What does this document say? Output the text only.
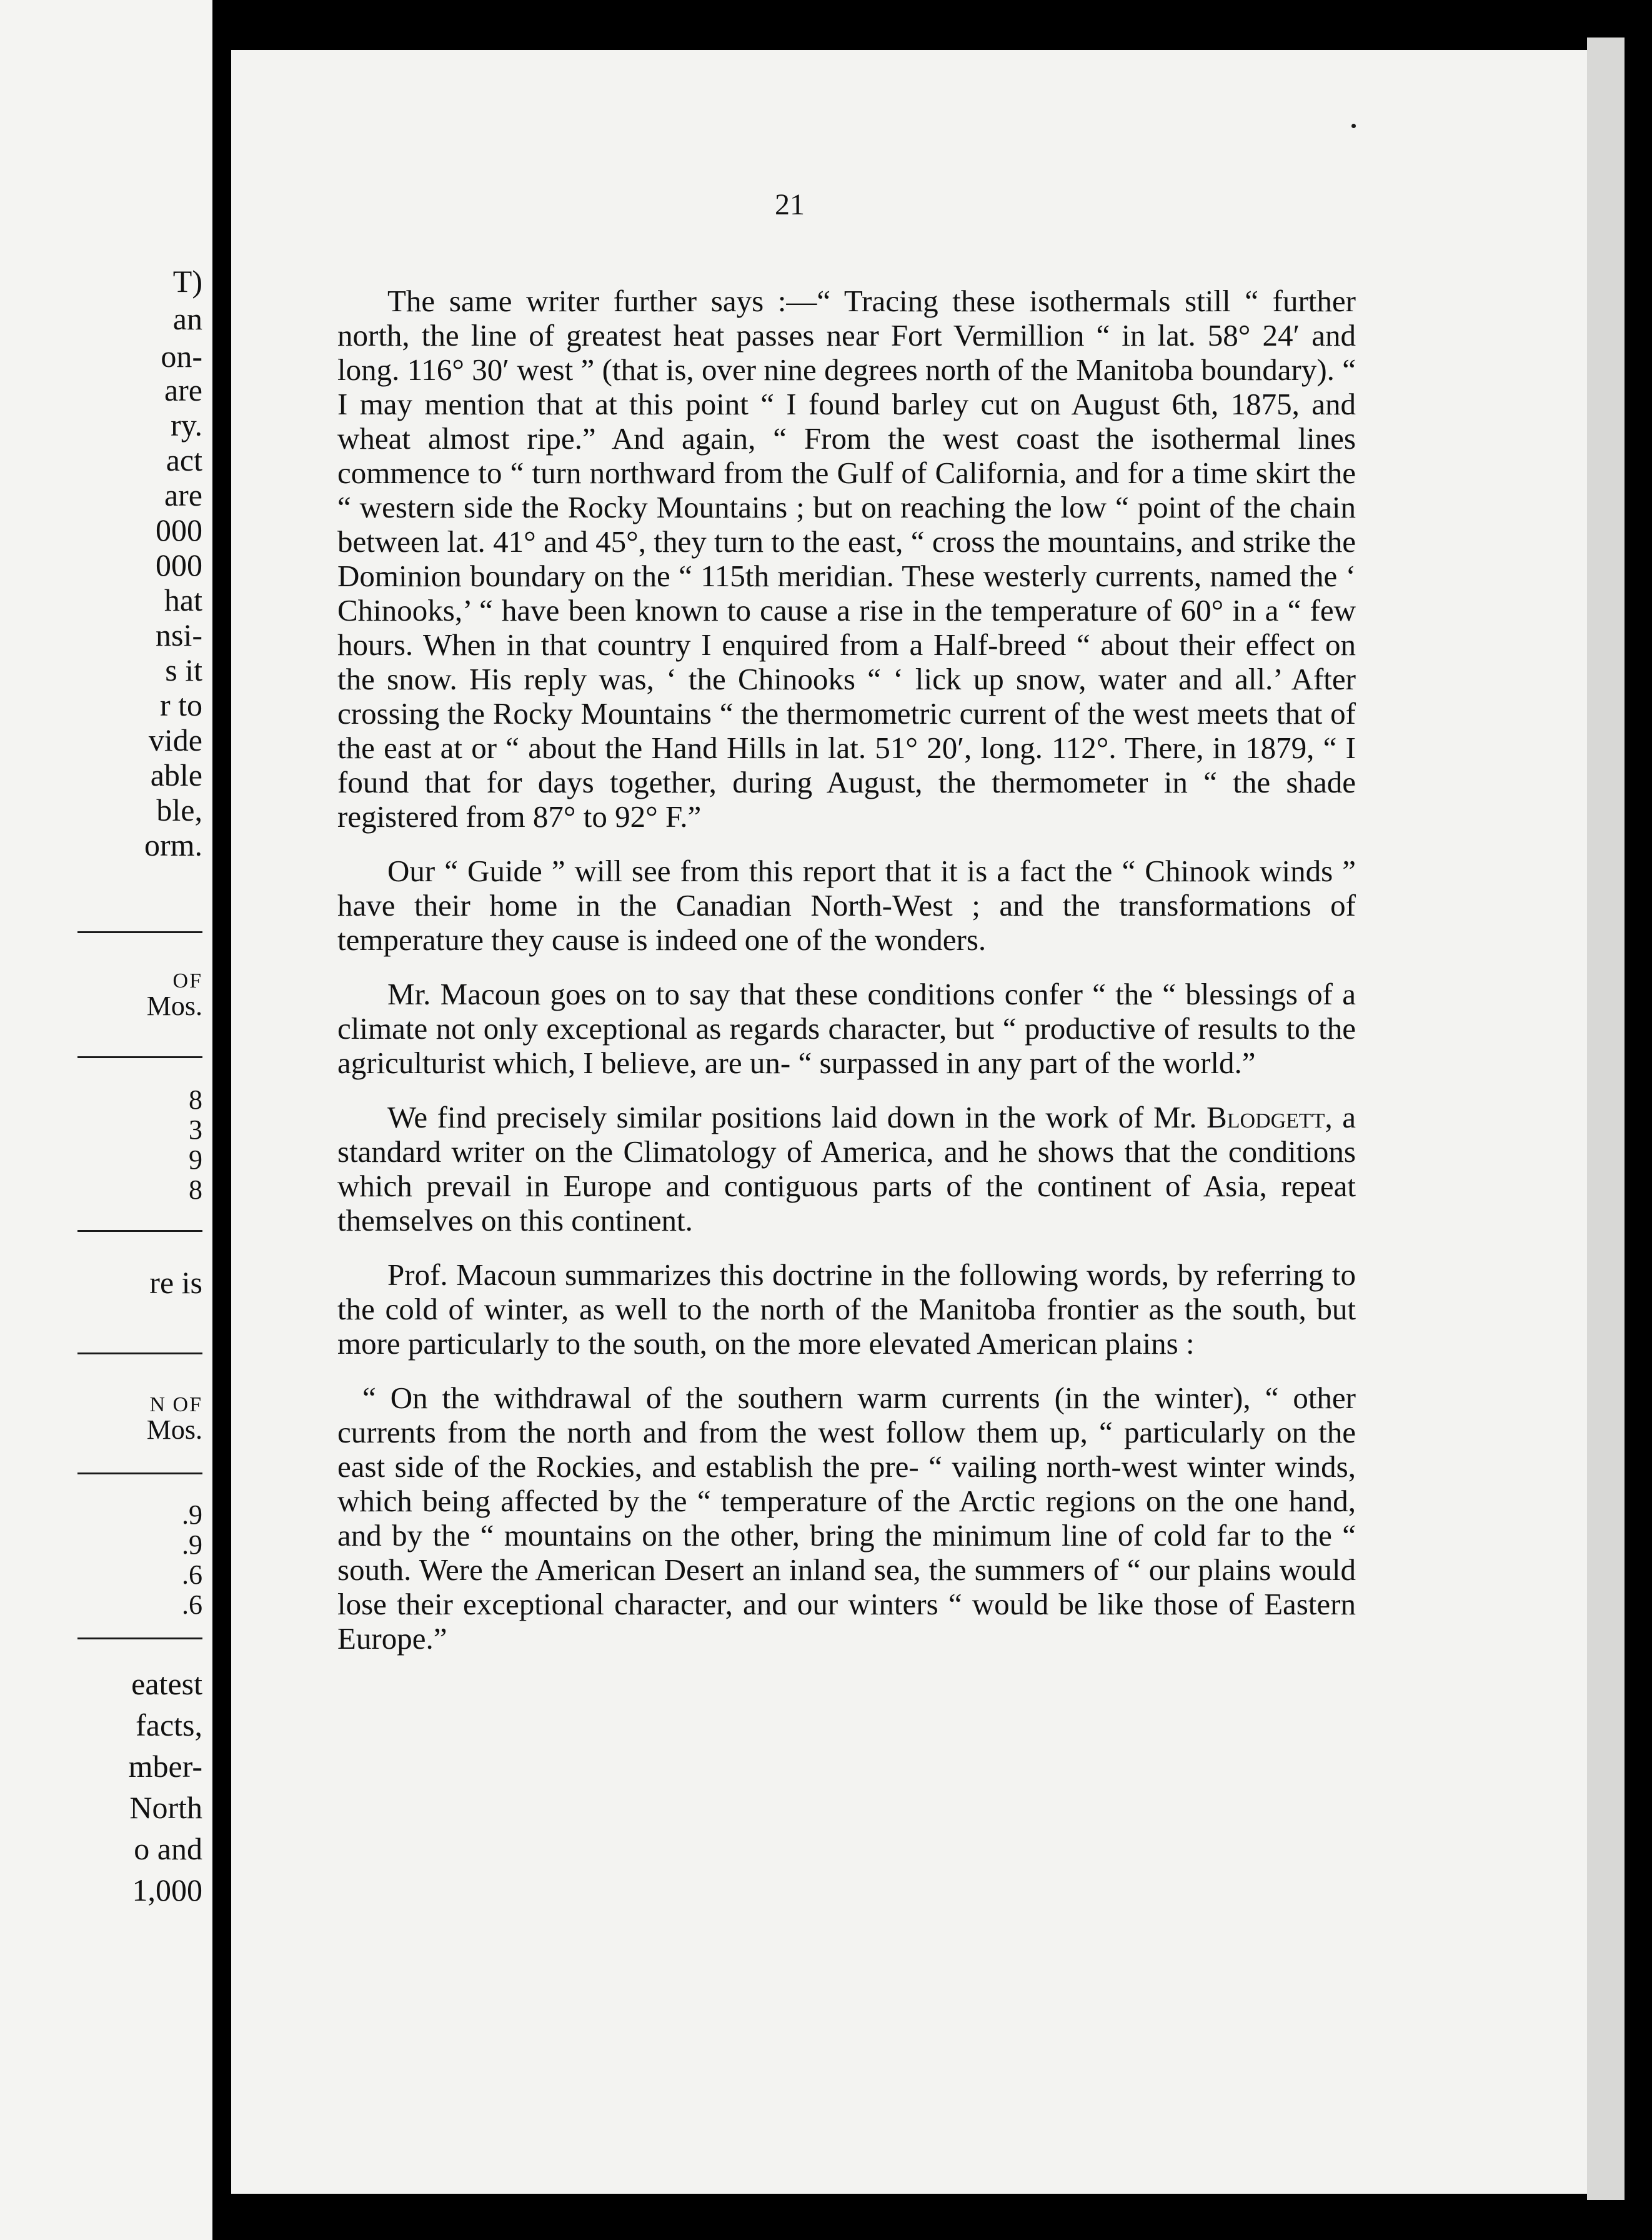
T)
an
on-
are
ry.
act
are
000
000
hat
nsi-
s it
r to
vide
able
ble,
orm.
OF
Mos.
8
3
9
8
re is
N OF
Mos.
.9
.9
.6
.6
eatest
facts,
mber-
North
o and
1,000
21

The same writer further says :—“ Tracing these isothermals still “ further north, the line of greatest heat passes near Fort Vermillion “ in lat. 58° 24′ and long. 116° 30′ west ” (that is, over nine degrees north of the Manitoba boundary). “ I may mention that at this point “ I found barley cut on August 6th, 1875, and wheat almost ripe.” And again, “ From the west coast the isothermal lines commence to “ turn northward from the Gulf of California, and for a time skirt the “ western side the Rocky Mountains ; but on reaching the low “ point of the chain between lat. 41° and 45°, they turn to the east, “ cross the mountains, and strike the Dominion boundary on the “ 115th meridian. These westerly currents, named the ‘ Chinooks,’ “ have been known to cause a rise in the temperature of 60° in a “ few hours. When in that country I enquired from a Half-breed “ about their effect on the snow. His reply was, ‘ the Chinooks “ ‘ lick up snow, water and all.’ After crossing the Rocky Mountains “ the thermometric current of the west meets that of the east at or “ about the Hand Hills in lat. 51° 20′, long. 112°. There, in 1879, “ I found that for days together, during August, the thermometer in “ the shade registered from 87° to 92° F.”

Our “ Guide ” will see from this report that it is a fact the “ Chinook winds ” have their home in the Canadian North-West ; and the transformations of temperature they cause is indeed one of the wonders.

Mr. Macoun goes on to say that these conditions confer “ the “ blessings of a climate not only exceptional as regards character, but “ productive of results to the agriculturist which, I believe, are un- “ surpassed in any part of the world.”

We find precisely similar positions laid down in the work of Mr. Blodgett, a standard writer on the Climatology of America, and he shows that the conditions which prevail in Europe and contiguous parts of the continent of Asia, repeat themselves on this continent.

Prof. Macoun summarizes this doctrine in the following words, by referring to the cold of winter, as well to the north of the Manitoba frontier as the south, but more particularly to the south, on the more elevated American plains :

“ On the withdrawal of the southern warm currents (in the winter), “ other currents from the north and from the west follow them up, “ particularly on the east side of the Rockies, and establish the pre- “ vailing north-west winter winds, which being affected by the “ temperature of the Arctic regions on the one hand, and by the “ mountains on the other, bring the minimum line of cold far to the “ south. Were the American Desert an inland sea, the summers of “ our plains would lose their exceptional character, and our winters “ would be like those of Eastern Europe.”
